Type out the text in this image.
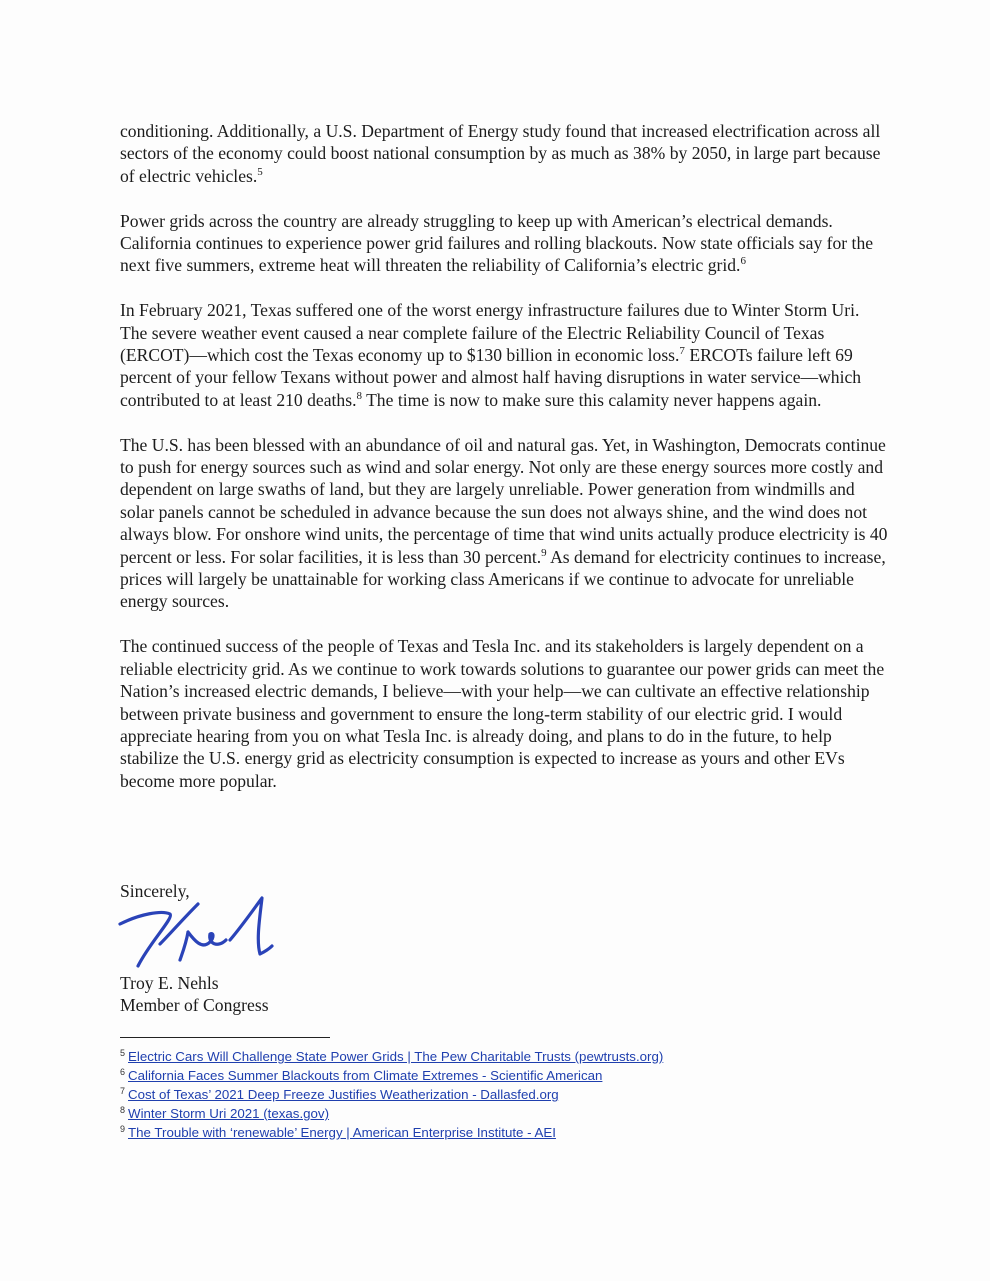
conditioning. Additionally, a U.S. Department of Energy study found that increased electrification across all sectors of the economy could boost national consumption by as much as 38% by 2050, in large part because of electric vehicles.$^5$

Power grids across the country are already struggling to keep up with American’s electrical demands. California continues to experience power grid failures and rolling blackouts. Now state officials say for the next five summers, extreme heat will threaten the reliability of California’s electric grid.$^6$

In February 2021, Texas suffered one of the worst energy infrastructure failures due to Winter Storm Uri. The severe weather event caused a near complete failure of the Electric Reliability Council of Texas (ERCOT)—which cost the Texas economy up to $130 billion in economic loss.$^7$ ERCOTs failure left 69 percent of your fellow Texans without power and almost half having disruptions in water service—which contributed to at least 210 deaths.$^8$ The time is now to make sure this calamity never happens again.

The U.S. has been blessed with an abundance of oil and natural gas. Yet, in Washington, Democrats continue to push for energy sources such as wind and solar energy. Not only are these energy sources more costly and dependent on large swaths of land, but they are largely unreliable. Power generation from windmills and solar panels cannot be scheduled in advance because the sun does not always shine, and the wind does not always blow. For onshore wind units, the percentage of time that wind units actually produce electricity is 40 percent or less. For solar facilities, it is less than 30 percent.$^9$ As demand for electricity continues to increase, prices will largely be unattainable for working class Americans if we continue to advocate for unreliable energy sources.

The continued success of the people of Texas and Tesla Inc. and its stakeholders is largely dependent on a reliable electricity grid. As we continue to work towards solutions to guarantee our power grids can meet the Nation’s increased electric demands, I believe—with your help—we can cultivate an effective relationship between private business and government to ensure the long-term stability of our electric grid. I would appreciate hearing from you on what Tesla Inc. is already doing, and plans to do in the future, to help stabilize the U.S. energy grid as electricity consumption is expected to increase as yours and other EVs become more popular.

Sincerely,
Troy E. Nehls
Member of Congress
$^5$ Electric Cars Will Challenge State Power Grids | The Pew Charitable Trusts (pewtrusts.org)
$^6$ California Faces Summer Blackouts from Climate Extremes - Scientific American
$^7$ Cost of Texas’ 2021 Deep Freeze Justifies Weatherization - Dallasfed.org
$^8$ Winter Storm Uri 2021 (texas.gov)
$^9$ The Trouble with ‘renewable’ Energy | American Enterprise Institute - AEI
